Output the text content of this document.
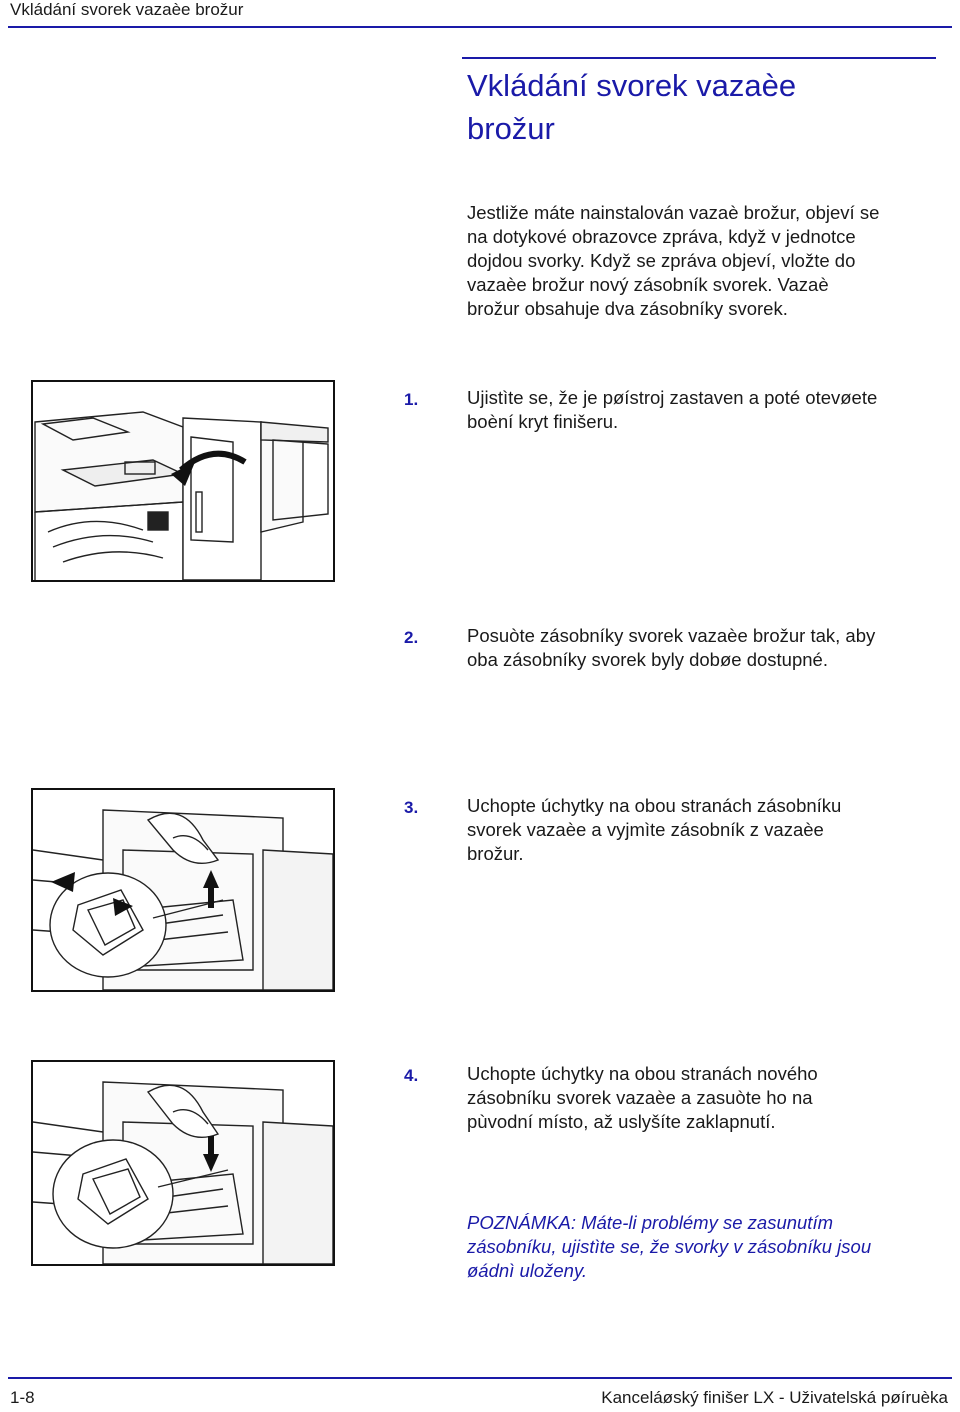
Vkládání svorek vazaèe brožur
Vkládání svorek vazaèe
brožur

Jestliže máte nainstalován vazaè brožur, objeví se
na dotykové obrazovce zpráva, když v jednotce
dojdou svorky. Když se zpráva objeví, vložte do
vazaèe brožur nový zásobník svorek. Vazaè
brožur obsahuje dva zásobníky svorek.

1.	Ujistìte se, že je pøístroj zastaven a poté otevøete
boèní kryt finišeru.

2.	Posuòte zásobníky svorek vazaèe brožur tak, aby
oba zásobníky svorek byly dobøe dostupné.

3.	Uchopte úchytky na obou stranách zásobníku
svorek vazaèe a vyjmìte zásobník z vazaèe
brožur.

4.	Uchopte úchytky na obou stranách nového
zásobníku svorek vazaèe a zasuòte ho na
pùvodní místo, až uslyšíte zaklapnutí.

POZNÁMKA: Máte-li problémy se zasunutím
zásobníku, ujistìte se, že svorky v zásobníku jsou
øádnì uloženy.

1-8	Kanceláøský finišer LX - Uživatelská pøíruèka
